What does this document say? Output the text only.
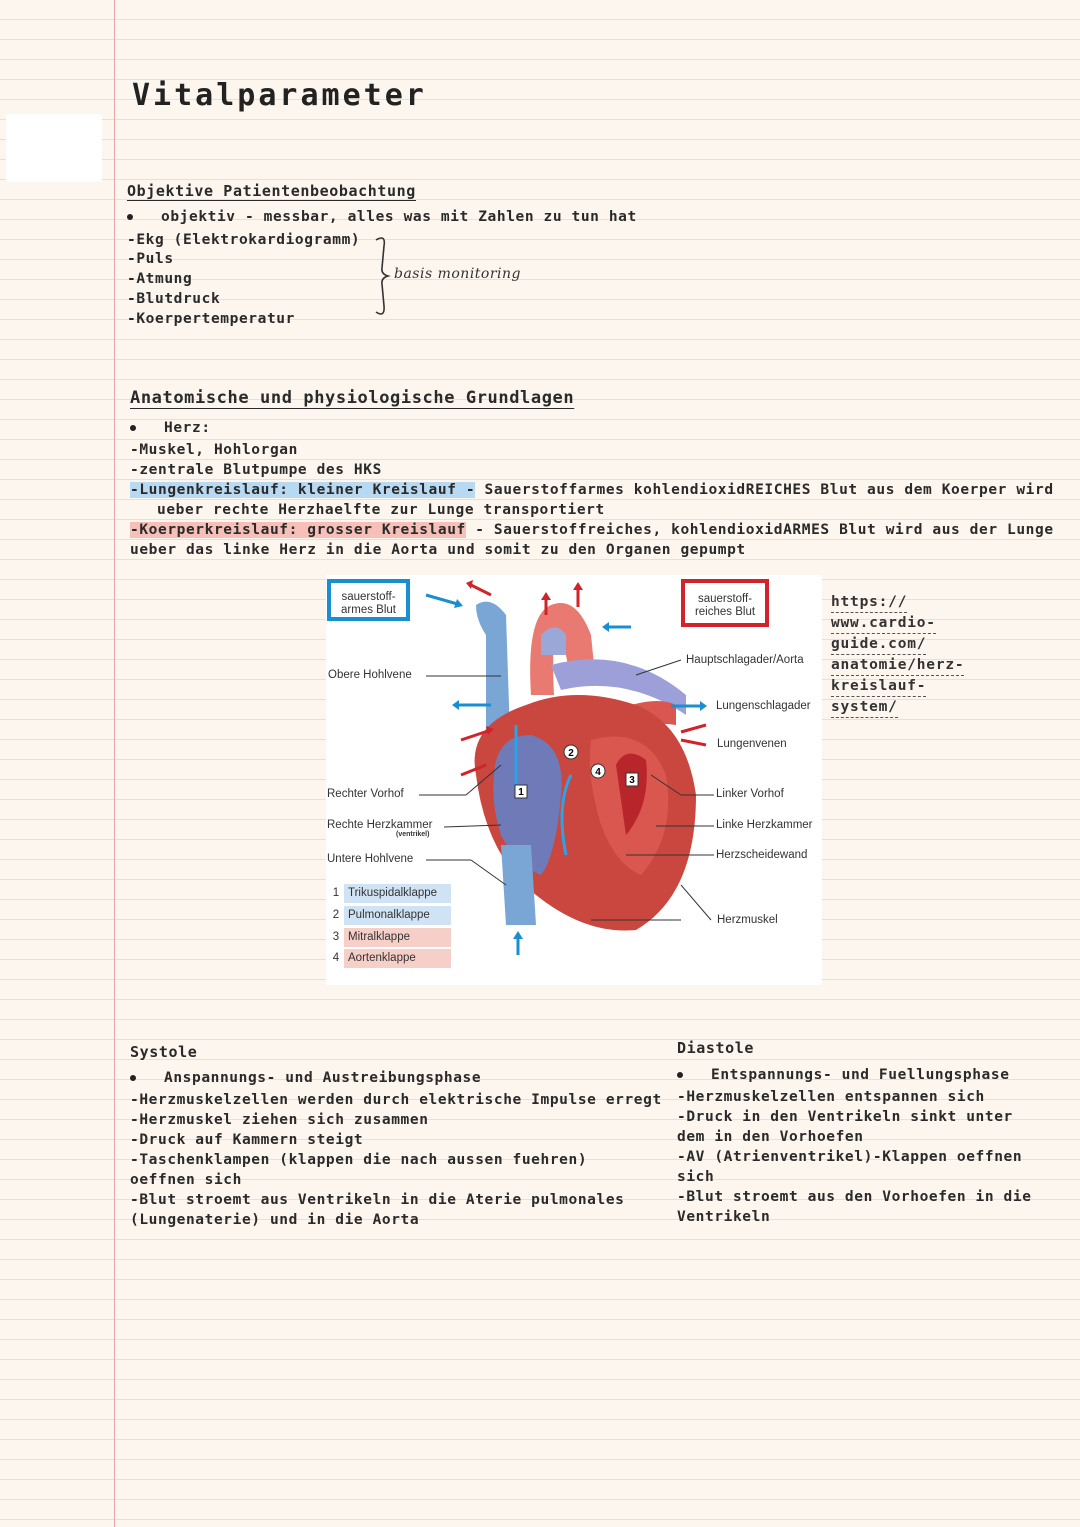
Vitalparameter
Objektive Patientenbeobachtung
objektiv - messbar, alles was mit Zahlen zu tun hat
-Ekg (Elektrokardiogramm)
-Puls
-Atmung
-Blutdruck
-Koerpertemperatur
basis monitoring
Anatomische und physiologische Grundlagen
Herz:
-Muskel, Hohlorgan
-zentrale Blutpumpe des HKS
-Lungenkreislauf: kleiner Kreislauf - Sauerstoffarmes kohlendioxidREICHES Blut aus dem Koerper wird
ueber rechte Herzhaelfte zur Lunge transportiert
-Koerperkreislauf: grosser Kreislauf - Sauerstoffreiches, kohlendioxidARMES Blut wird aus der Lunge
ueber das linke Herz in die Aorta und somit zu den Organen gepumpt
1
2
3
4
sauerstoff-
armes Blut
sauerstoff-
reiches Blut
Obere Hohlvene
Rechter Vorhof
Rechte Herzkammer
(ventrikel)
Untere Hohlvene
Hauptschlagader/Aorta
Lungenschlagader
Lungenvenen
Linker Vorhof
Linke Herzkammer
Herzscheidewand
Herzmuskel
1 Trikuspidalklappe
2 Pulmonalklappe
3 Mitralklappe
4 Aortenklappe
https://
www.cardio-
guide.com/
anatomie/herz-
kreislauf-
system/
Systole
Anspannungs- und Austreibungsphase
-Herzmuskelzellen werden durch elektrische Impulse erregt
-Herzmuskel ziehen sich zusammen
-Druck auf Kammern steigt
-Taschenklampen (klappen die nach aussen fuehren)
oeffnen sich
-Blut stroemt aus Ventrikeln in die Aterie pulmonales
(Lungenaterie) und in die Aorta
Diastole
Entspannungs- und Fuellungsphase
-Herzmuskelzellen entspannen sich
-Druck in den Ventrikeln sinkt unter
dem in den Vorhoefen
-AV (Atrienventrikel)-Klappen oeffnen
sich
-Blut stroemt aus den Vorhoefen in die
Ventrikeln
